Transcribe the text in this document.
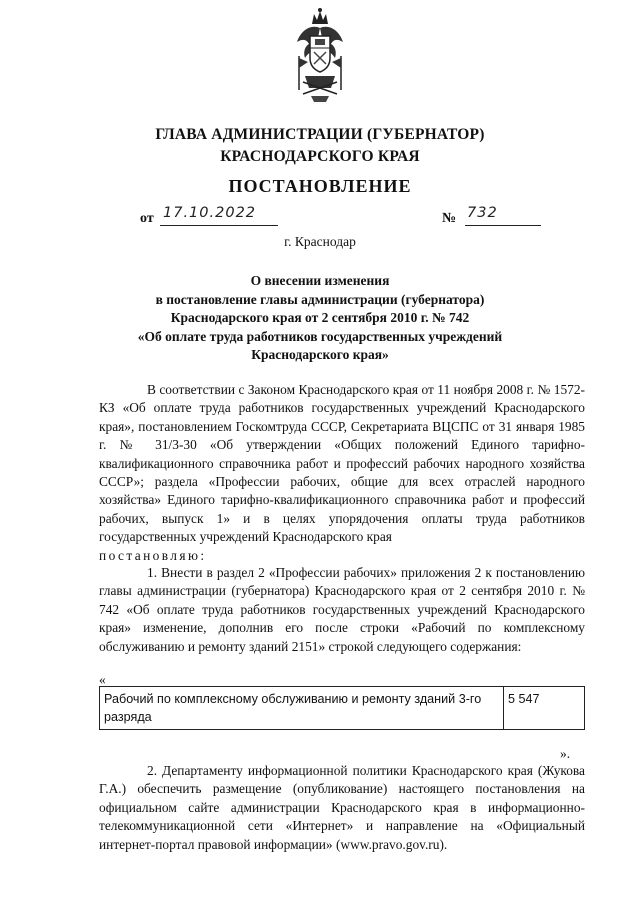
ГЛАВА АДМИНИСТРАЦИИ (ГУБЕРНАТОР) КРАСНОДАРСКОГО КРАЯ
ПОСТАНОВЛЕНИЕ
от 17.10.2022	№ 732
г. Краснодар
О внесении изменения
в постановление главы администрации (губернатора)
Краснодарского края от 2 сентября 2010 г. № 742
«Об оплате труда работников государственных учреждений
Краснодарского края»
В соответствии с Законом Краснодарского края от 11 ноября 2008 г. № 1572-КЗ «Об оплате труда работников государственных учреждений Краснодарского края», постановлением Госкомтруда СССР, Секретариата ВЦСПС от 31 января 1985 г. № 31/3-30 «Об утверждении «Общих положений Единого тарифно-квалификационного справочника работ и профессий рабочих народного хозяйства СССР»; раздела «Профессии рабочих, общие для всех отраслей народного хозяйства» Единого тарифно-квалификационного справочника работ и профессий рабочих, выпуск 1» и в целях упорядочения оплаты труда работников государственных учреждений Краснодарского края
постановляю:
1. Внести в раздел 2 «Профессии рабочих» приложения 2 к постановлению главы администрации (губернатора) Краснодарского края от 2 сентября 2010 г. № 742 «Об оплате труда работников государственных учреждений Краснодарского края» изменение, дополнив его после строки «Рабочий по комплексному обслуживанию и ремонту зданий 2151» строкой следующего содержания:
«
Рабочий по комплексному обслуживанию и ремонту зданий 3-го разряда	5 547
».
2. Департаменту информационной политики Краснодарского края (Жукова Г.А.) обеспечить размещение (опубликование) настоящего постановления на официальном сайте администрации Краснодарского края в информационно-телекоммуникационной сети «Интернет» и направление на «Официальный интернет-портал правовой информации» (www.pravo.gov.ru).
